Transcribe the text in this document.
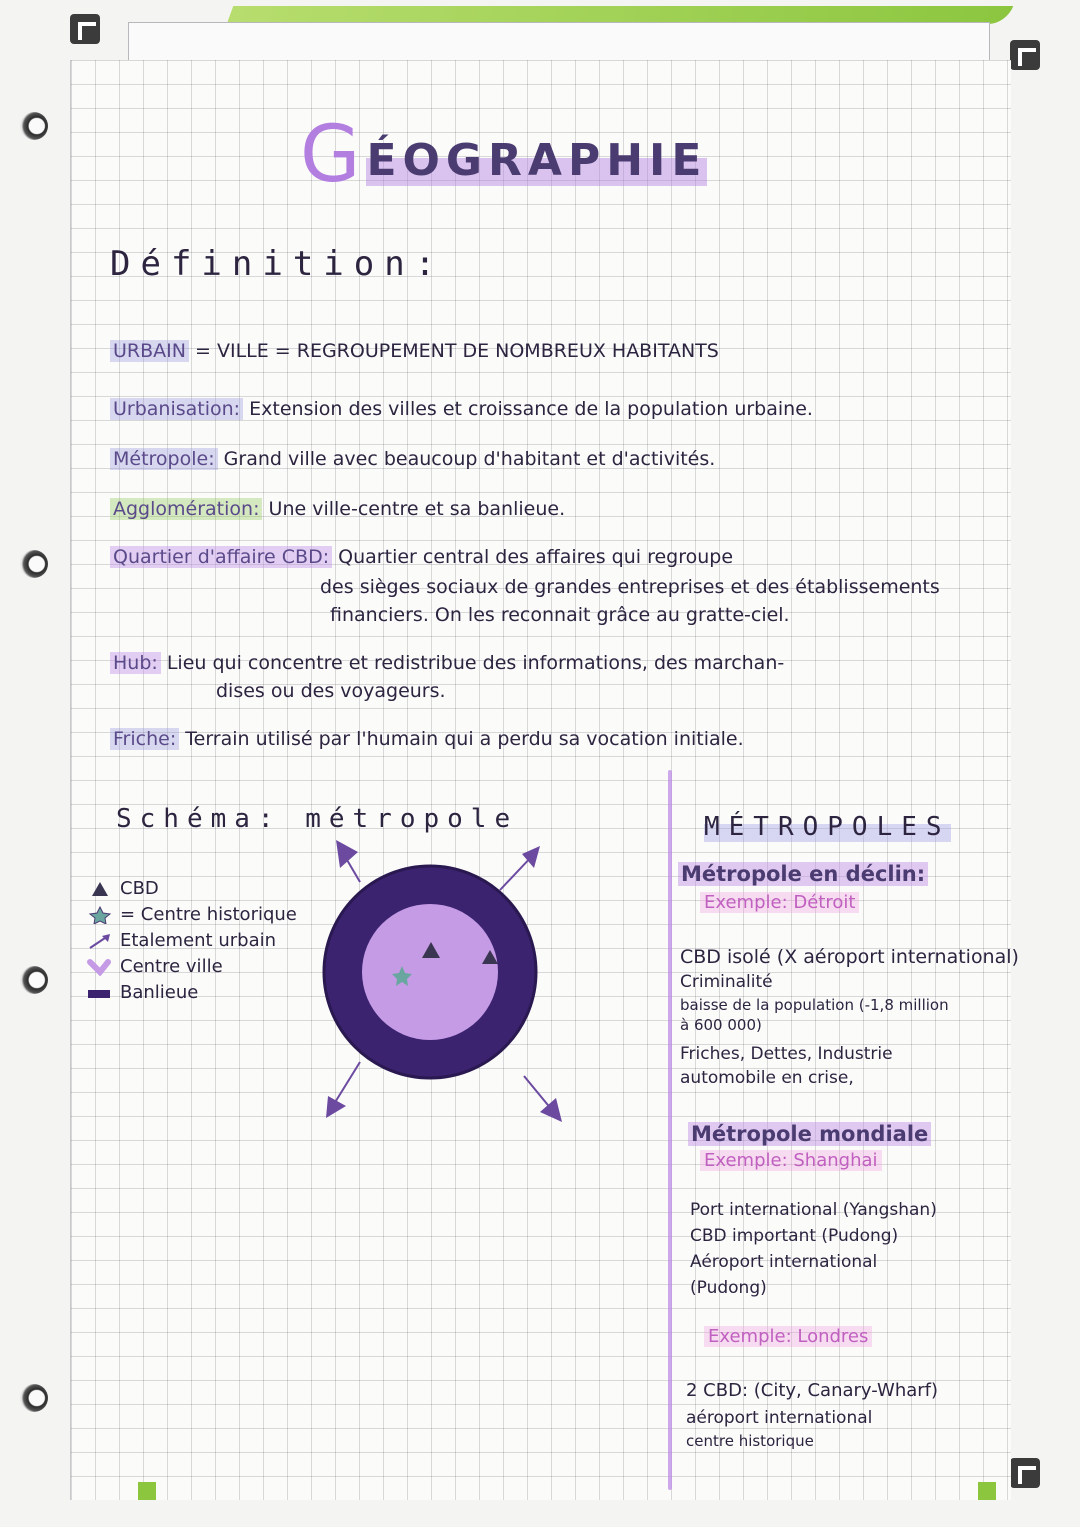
GÉOGRAPHIE
Définition:
URBAIN = VILLE = REGROUPEMENT DE NOMBREUX HABITANTS
Urbanisation: Extension des villes et croissance de la population urbaine.
Métropole: Grand ville avec beaucoup d'habitant et d'activités.
Agglomération: Une ville-centre et sa banlieue.
Quartier d'affaire CBD: Quartier central des affaires qui regroupe
des sièges sociaux de grandes entreprises et des établissements
financiers. On les reconnait grâce au gratte-ciel.
Hub: Lieu qui concentre et redistribue des informations, des marchan-
dises ou des voyageurs.
Friche: Terrain utilisé par l'humain qui a perdu sa vocation initiale.
Schéma: métropole
CBD
= Centre historique
Etalement urbain
Centre ville
Banlieue
MÉTROPOLES
Métropole en déclin:
Exemple: Détroit
CBD isolé (X aéroport international)
Criminalité
baisse de la population (-1,8 million
à 600 000)
Friches, Dettes, Industrie
automobile en crise,
Métropole mondiale
Exemple: Shanghai
Port international (Yangshan)
CBD important (Pudong)
Aéroport international
(Pudong)
Exemple: Londres
2 CBD: (City, Canary-Wharf)
aéroport international
centre historique
